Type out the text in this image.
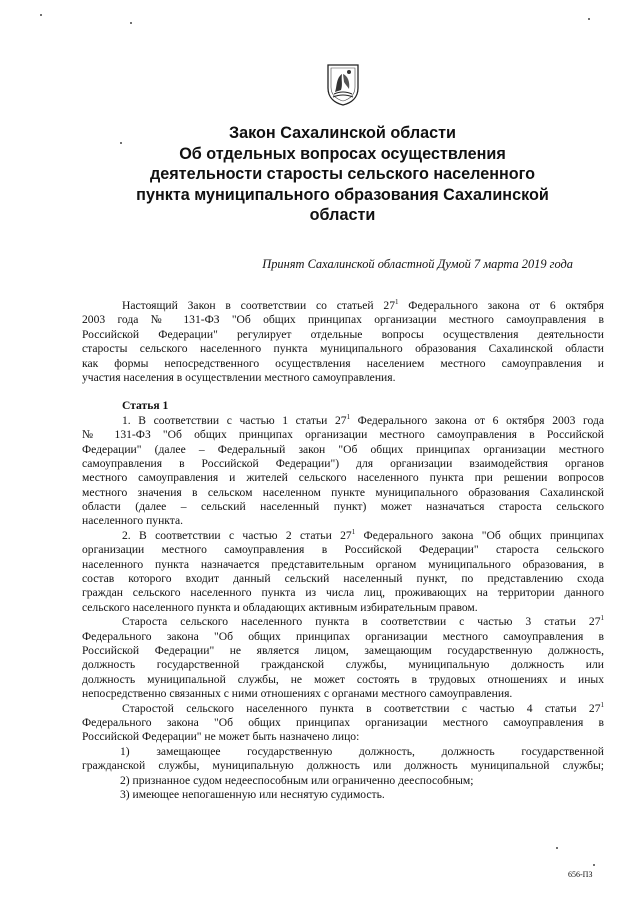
Закон Сахалинской области
Об отдельных вопросах осуществления
деятельности старосты сельского населенного
пункта муниципального образования Сахалинской
области
Принят Сахалинской областной Думой 7 марта 2019 года
Настоящий Закон в соответствии со статьей $27^1$ Федерального закона от 6 октября
2003 года № 131-ФЗ "Об общих принципах организации местного самоуправления в
Российской Федерации" регулирует отдельные вопросы осуществления деятельности
старосты сельского населенного пункта муниципального образования Сахалинской области
как формы непосредственного осуществления населением местного самоуправления и
участия населения в осуществлении местного самоуправления.
Статья 1
1. В соответствии с частью 1 статьи $27^1$ Федерального закона от 6 октября 2003 года
№ 131-ФЗ "Об общих принципах организации местного самоуправления в Российской
Федерации" (далее – Федеральный закон "Об общих принципах организации местного
самоуправления в Российской Федерации") для организации взаимодействия органов
местного самоуправления и жителей сельского населенного пункта при решении вопросов
местного значения в сельском населенном пункте муниципального образования Сахалинской
области (далее – сельский населенный пункт) может назначаться староста сельского
населенного пункта.
2. В соответствии с частью 2 статьи $27^1$ Федерального закона "Об общих принципах
организации местного самоуправления в Российской Федерации" староста сельского
населенного пункта назначается представительным органом муниципального образования, в
состав которого входит данный сельский населенный пункт, по представлению схода
граждан сельского населенного пункта из числа лиц, проживающих на территории данного
сельского населенного пункта и обладающих активным избирательным правом.
Староста сельского населенного пункта в соответствии с частью 3 статьи $27^1$
Федерального закона "Об общих принципах организации местного самоуправления в
Российской Федерации" не является лицом, замещающим государственную должность,
должность государственной гражданской службы, муниципальную должность или
должность муниципальной службы, не может состоять в трудовых отношениях и иных
непосредственно связанных с ними отношениях с органами местного самоуправления.
Старостой сельского населенного пункта в соответствии с частью 4 статьи $27^1$
Федерального закона "Об общих принципах организации местного самоуправления в
Российской Федерации" не может быть назначено лицо:
1) замещающее государственную должность, должность государственной
гражданской службы, муниципальную должность или должность муниципальной службы;
2) признанное судом недееспособным или ограниченно дееспособным;
3) имеющее непогашенную или неснятую судимость.
656-ПЗ
